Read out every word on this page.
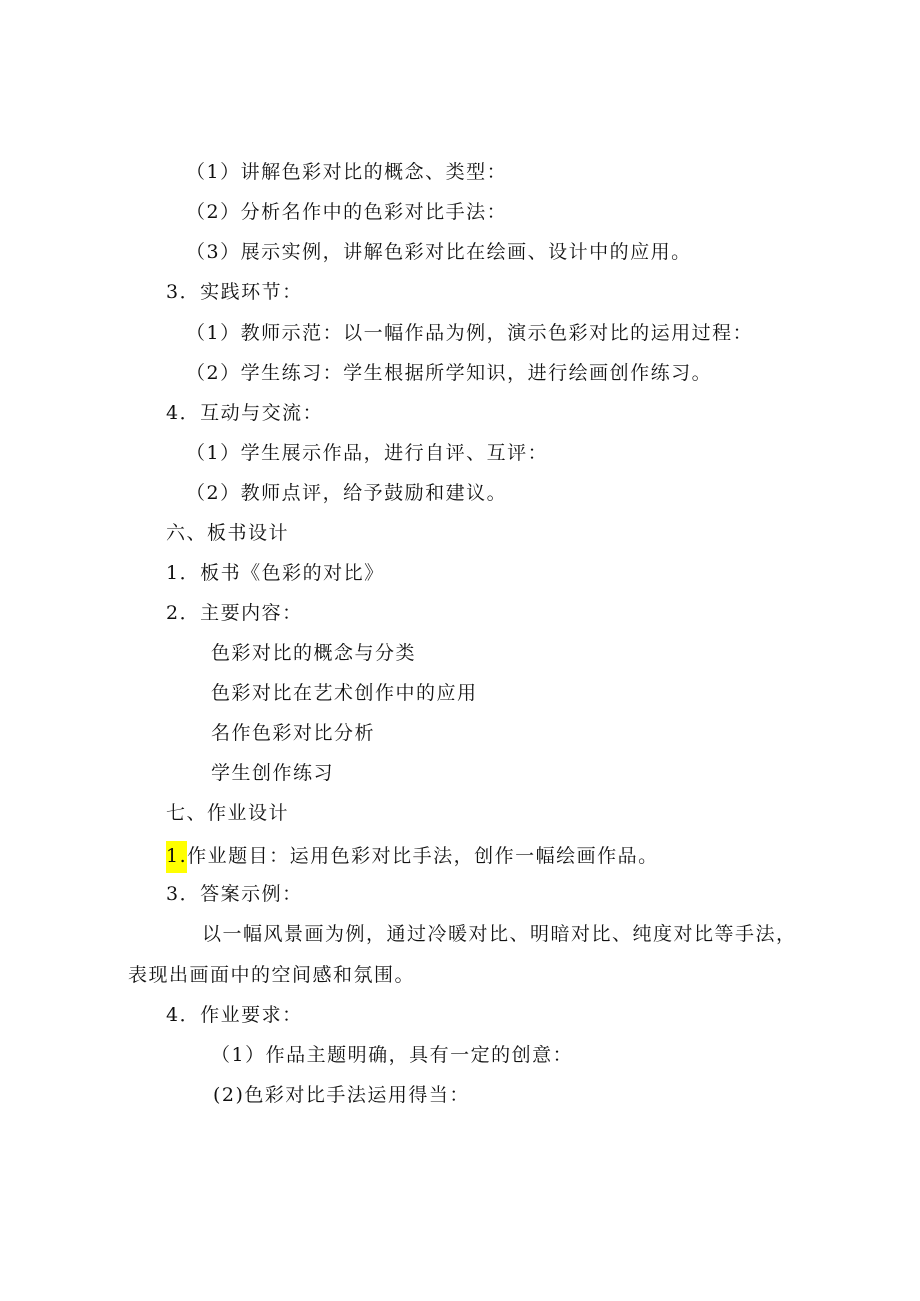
（1）讲解色彩对比的概念、类型：
（2）分析名作中的色彩对比手法：
（3）展示实例，讲解色彩对比在绘画、设计中的应用。
3．实践环节：
（1）教师示范：以一幅作品为例，演示色彩对比的运用过程：
（2）学生练习：学生根据所学知识，进行绘画创作练习。
4．互动与交流：
（1）学生展示作品，进行自评、互评：
（2）教师点评，给予鼓励和建议。
六、板书设计
1．板书《色彩的对比》
2．主要内容：
色彩对比的概念与分类
色彩对比在艺术创作中的应用
名作色彩对比分析
学生创作练习
七、作业设计
1.作业题目：运用色彩对比手法，创作一幅绘画作品。
3．答案示例：
以一幅风景画为例，通过冷暖对比、明暗对比、纯度对比等手法，
表现出画面中的空间感和氛围。
4．作业要求：
（1）作品主题明确，具有一定的创意：
(2)色彩对比手法运用得当：
